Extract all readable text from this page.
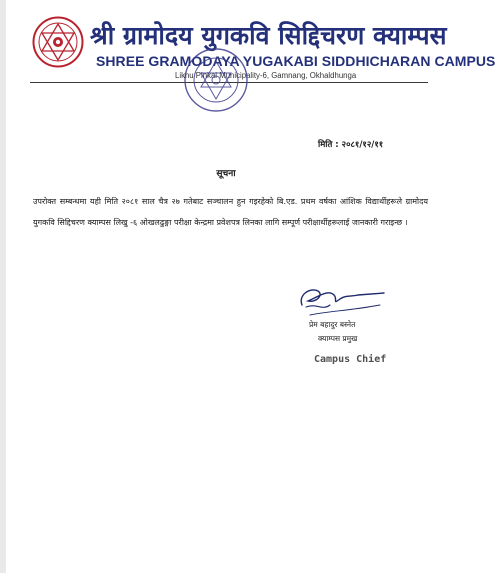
श्री ग्रामोदय युगकवि सिद्दिचरण क्याम्पस
SHREE GRAMODAYA YUGAKABI SIDDHICHARAN CAMPUS
Likhu Pinkal Municipality-6, Gamnang, Okhaldhunga
मिति : २०८१/१२/११
सूचना
उपरोक्त सम्बन्धमा यही मिति २०८१ साल चैत्र २७ गतेबाट सञ्चालन हुन गइरहेको बि.एड. प्रथम वर्षका आंशिक विद्यार्थीहरूले ग्रामोदय युगकवि सिद्दिचरण क्याम्पस लिखु -६ ओखलढुङ्गा परीक्षा केन्द्रमा प्रवेशपत्र लिनका लागि सम्पूर्ण परीक्षार्थीहरूलाई जानकारी गराइन्छ ।
प्रेम बहादुर बस्नेत
क्याम्पस प्रमुख
Campus Chief
